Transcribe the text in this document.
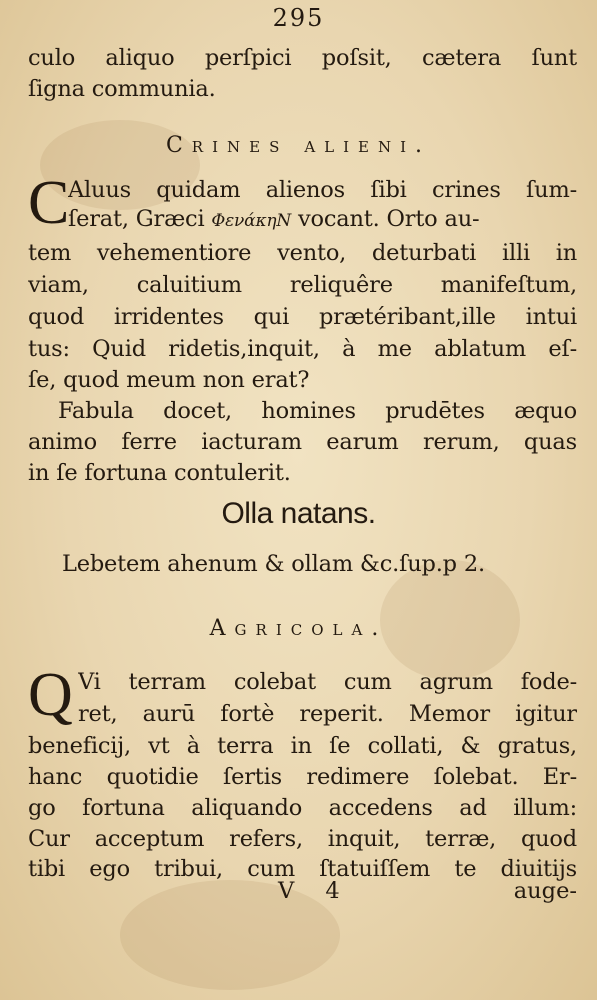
295
culo aliquo perſpici poſsit, cætera ſunt
ſigna communia.
Crines alieni.
C
Aluus quidam alienos ſibi crines ſum-
ſerat, Græci ΦενάκηΝ vocant. Orto au-
tem vehementiore vento, deturbati illi in
viam, caluitium reliquêre manifeſtum,
quod irridentes qui prætéribant,ille intui
tus: Quid ridetis,inquit, à me ablatum eſ-
ſe, quod meum non erat?
Fabula docet, homines prudētes æquo
animo ferre iacturam earum rerum, quas
in ſe fortuna contulerit.
Olla natans.
Lebetem ahenum & ollam &c.ſup.p 2.
Agricola.
Q Vi terram colebat cum agrum fode-
ret, aurū fortè reperit. Memor igitur
beneficij, vt à terra in ſe collati, & gratus,
hanc quotidie ſertis redimere ſolebat. Er-
go fortuna aliquando accedens ad illum:
Cur acceptum refers, inquit, terræ, quod
tibi ego tribui, cum ſtatuiſſem te diuitijs
V 4	auge-
